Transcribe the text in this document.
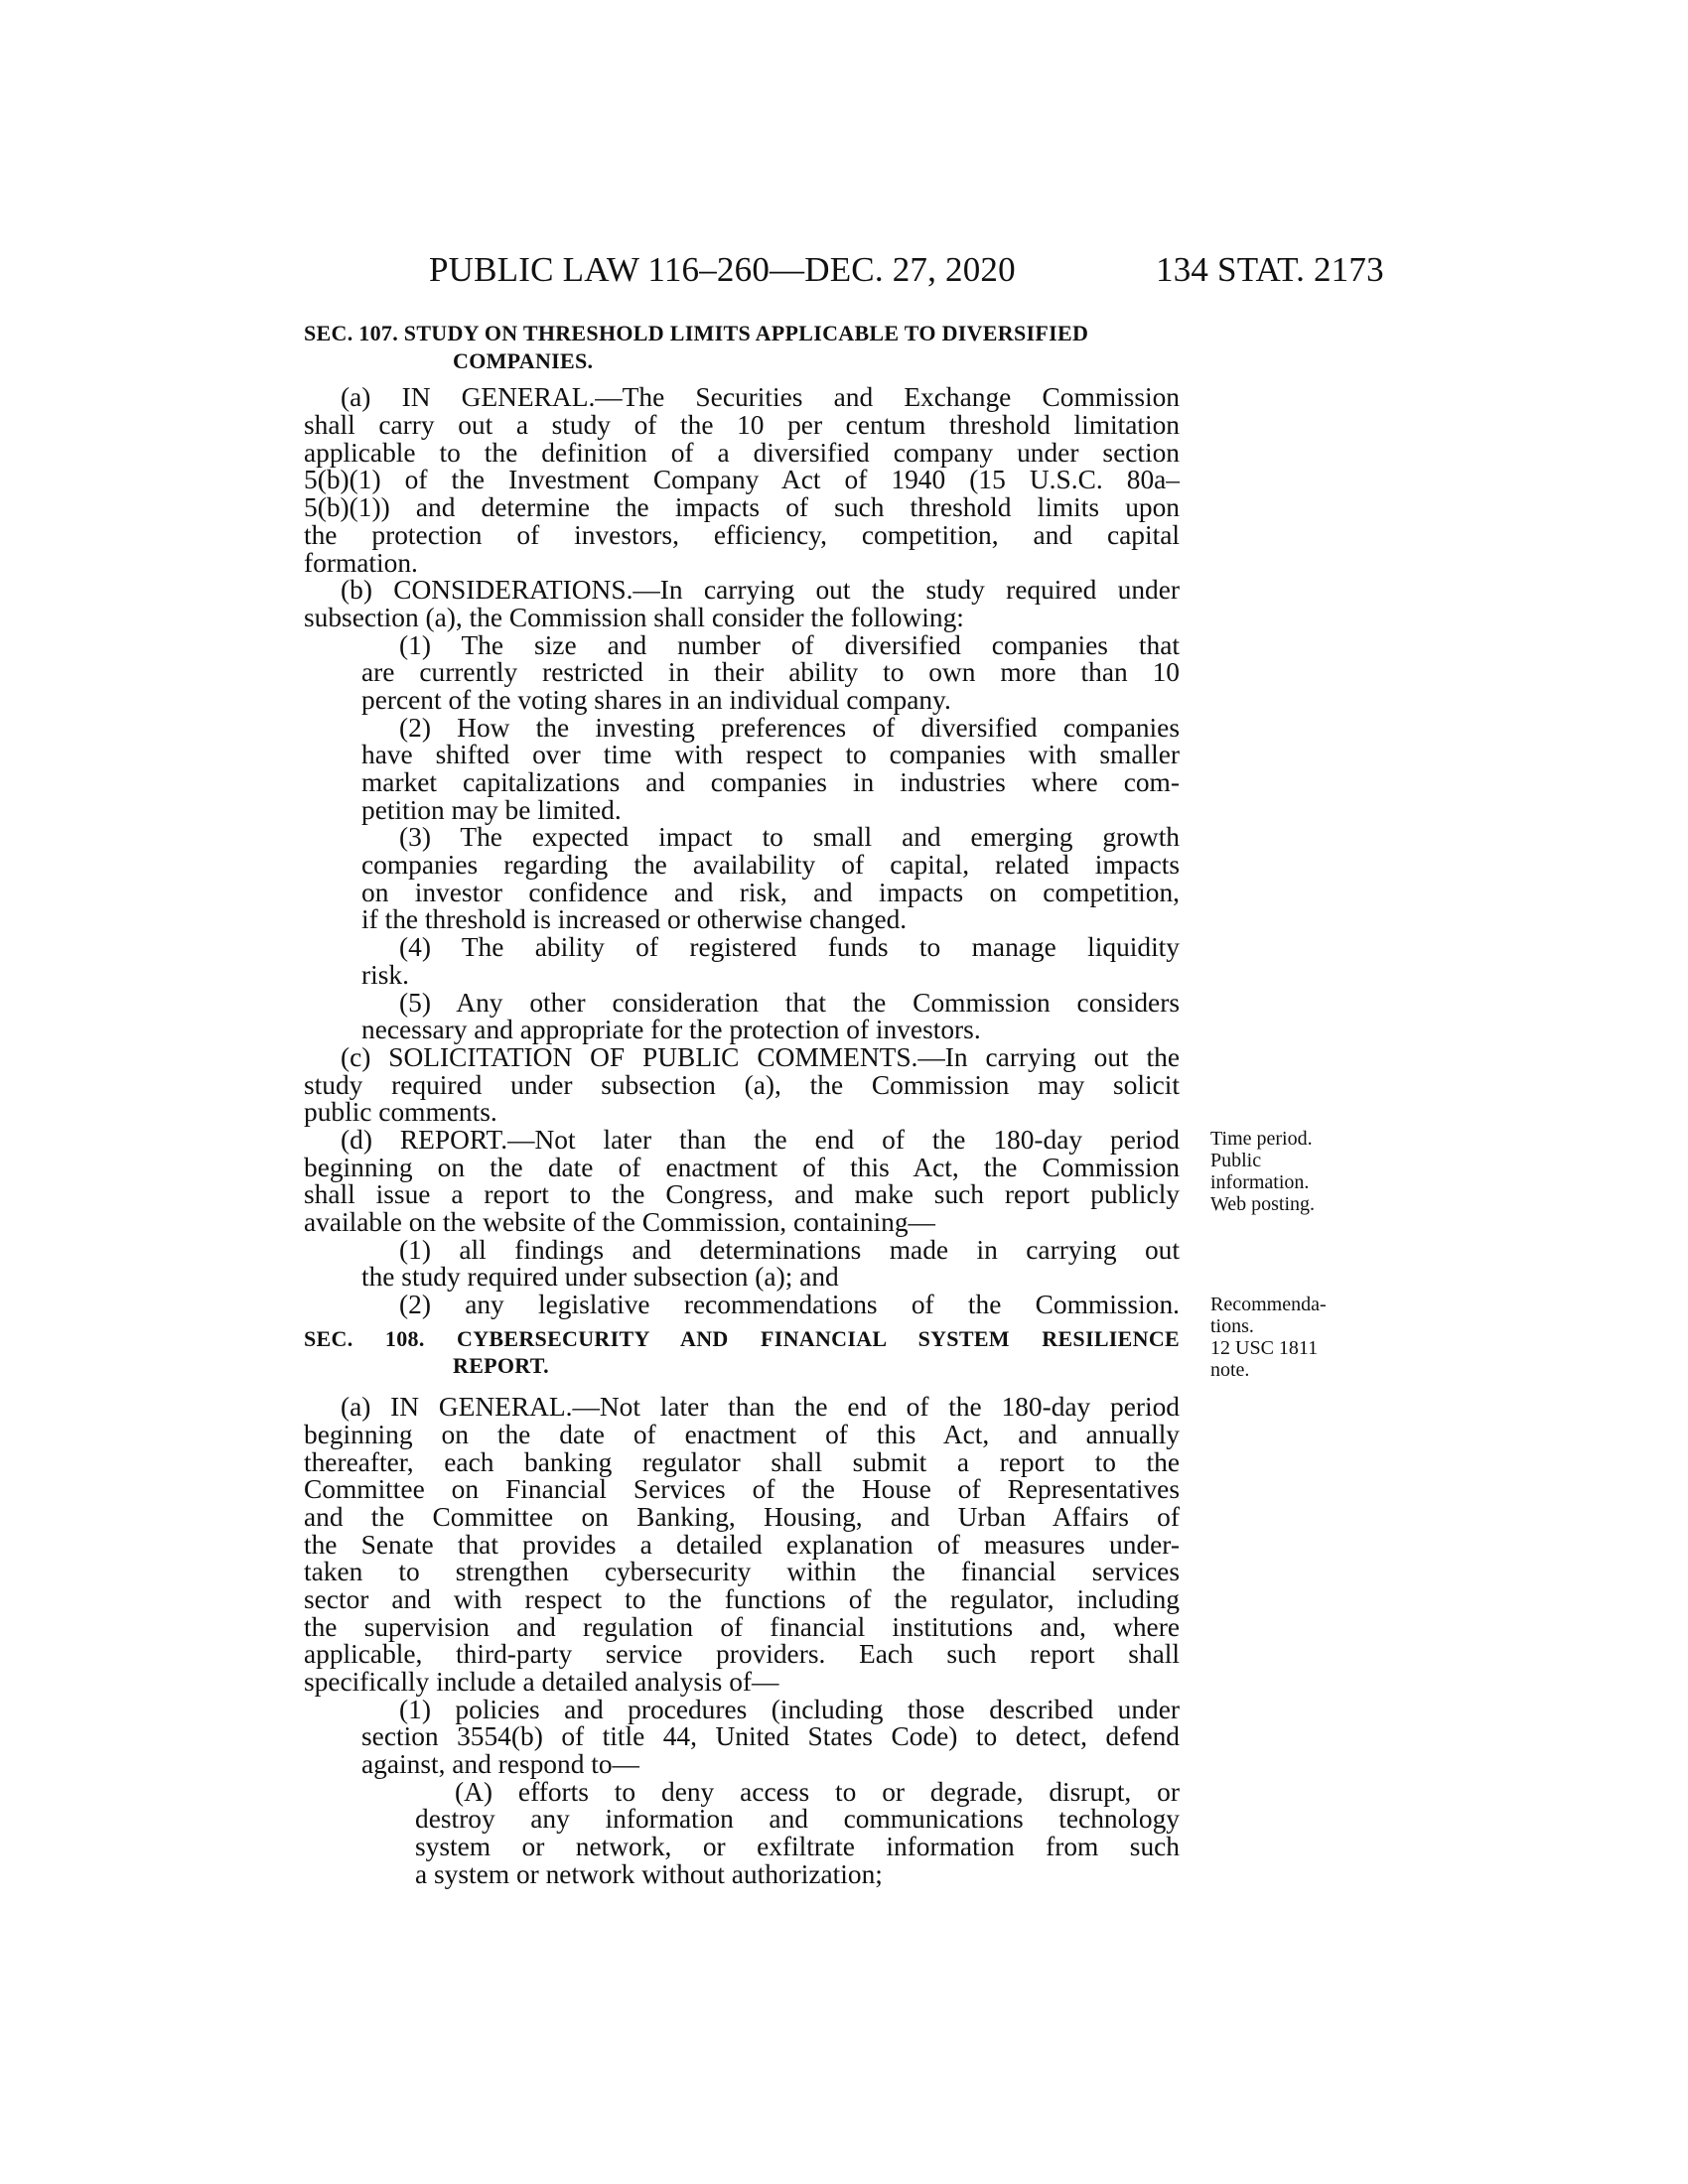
PUBLIC LAW 116–260—DEC. 27, 2020	134 STAT. 2173
SEC. 107. STUDY ON THRESHOLD LIMITS APPLICABLE TO DIVERSIFIED
COMPANIES.
(a) IN GENERAL.—The Securities and Exchange Commission
shall carry out a study of the 10 per centum threshold limitation
applicable to the definition of a diversified company under section
5(b)(1) of the Investment Company Act of 1940 (15 U.S.C. 80a–
5(b)(1)) and determine the impacts of such threshold limits upon
the protection of investors, efficiency, competition, and capital
formation.
(b) CONSIDERATIONS.—In carrying out the study required under
subsection (a), the Commission shall consider the following:
(1) The size and number of diversified companies that
are currently restricted in their ability to own more than 10
percent of the voting shares in an individual company.
(2) How the investing preferences of diversified companies
have shifted over time with respect to companies with smaller
market capitalizations and companies in industries where com-
petition may be limited.
(3) The expected impact to small and emerging growth
companies regarding the availability of capital, related impacts
on investor confidence and risk, and impacts on competition,
if the threshold is increased or otherwise changed.
(4) The ability of registered funds to manage liquidity
risk.
(5) Any other consideration that the Commission considers
necessary and appropriate for the protection of investors.
(c) SOLICITATION OF PUBLIC COMMENTS.—In carrying out the
study required under subsection (a), the Commission may solicit
public comments.
(d) REPORT.—Not later than the end of the 180-day period
beginning on the date of enactment of this Act, the Commission
shall issue a report to the Congress, and make such report publicly
available on the website of the Commission, containing—
(1) all findings and determinations made in carrying out
the study required under subsection (a); and
(2) any legislative recommendations of the Commission.
SEC. 108. CYBERSECURITY AND FINANCIAL SYSTEM RESILIENCE
REPORT.
(a) IN GENERAL.—Not later than the end of the 180-day period
beginning on the date of enactment of this Act, and annually
thereafter, each banking regulator shall submit a report to the
Committee on Financial Services of the House of Representatives
and the Committee on Banking, Housing, and Urban Affairs of
the Senate that provides a detailed explanation of measures under-
taken to strengthen cybersecurity within the financial services
sector and with respect to the functions of the regulator, including
the supervision and regulation of financial institutions and, where
applicable, third-party service providers. Each such report shall
specifically include a detailed analysis of—
(1) policies and procedures (including those described under
section 3554(b) of title 44, United States Code) to detect, defend
against, and respond to—
(A) efforts to deny access to or degrade, disrupt, or
destroy any information and communications technology
system or network, or exfiltrate information from such
a system or network without authorization;
Time period.
Public
information.
Web posting.
Recommenda-
tions.
12 USC 1811
note.
